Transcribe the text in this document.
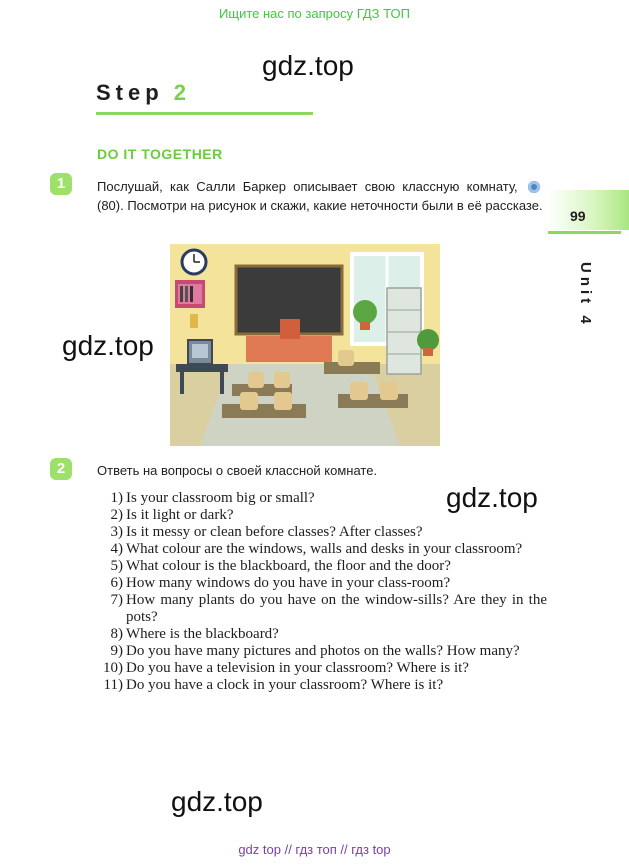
Ищите нас по запросу ГДЗ ТОП
gdz.top
gdz.top
gdz.top
gdz.top
Step 2
DO IT TOGETHER
99
Unit 4
1	Послушай, как Салли Баркер описывает свою классную комнату,  (80). Посмотри на рисунок и скажи, какие неточности были в её рассказе.
2	Ответь на вопросы о своей классной комнате.
1) Is your classroom big or small?
2) Is it light or dark?
3) Is it messy or clean before classes? After classes?
4) What colour are the windows, walls and desks in your classroom?
5) What colour is the blackboard, the floor and the door?
6) How many windows do you have in your class-room?
7) How many plants do you have on the window-sills? Are they in the pots?
8) Where is the blackboard?
9) Do you have many pictures and photos on the walls? How many?
10) Do you have a television in your classroom? Where is it?
11) Do you have a clock in your classroom? Where is it?
gdz top // гдз топ // гдз top
